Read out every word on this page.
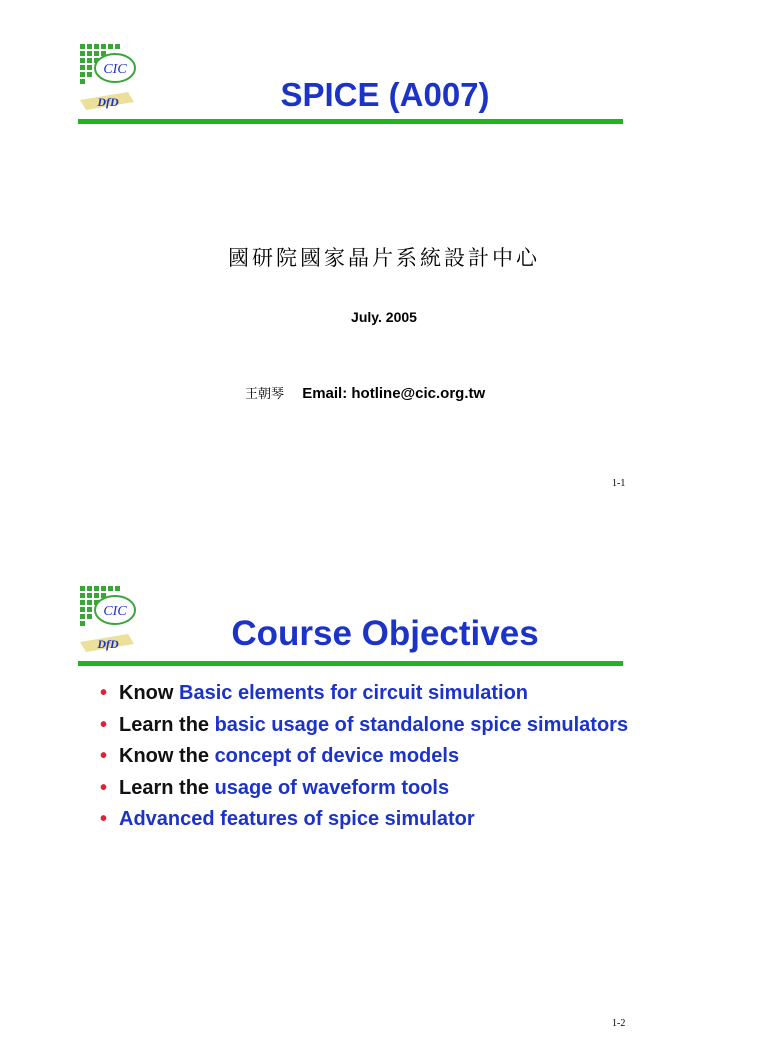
CIC
DfD	SPICE (A007)
國研院國家晶片系統設計中心
July. 2005
王朝琴 Email: hotline@cic.org.tw
1-1
CIC
DfD	Course Objectives
• Know Basic elements for circuit simulation
• Learn the basic usage of standalone spice simulators
• Know the concept of device models
• Learn the usage of waveform tools
• Advanced features of spice simulator
1-2
